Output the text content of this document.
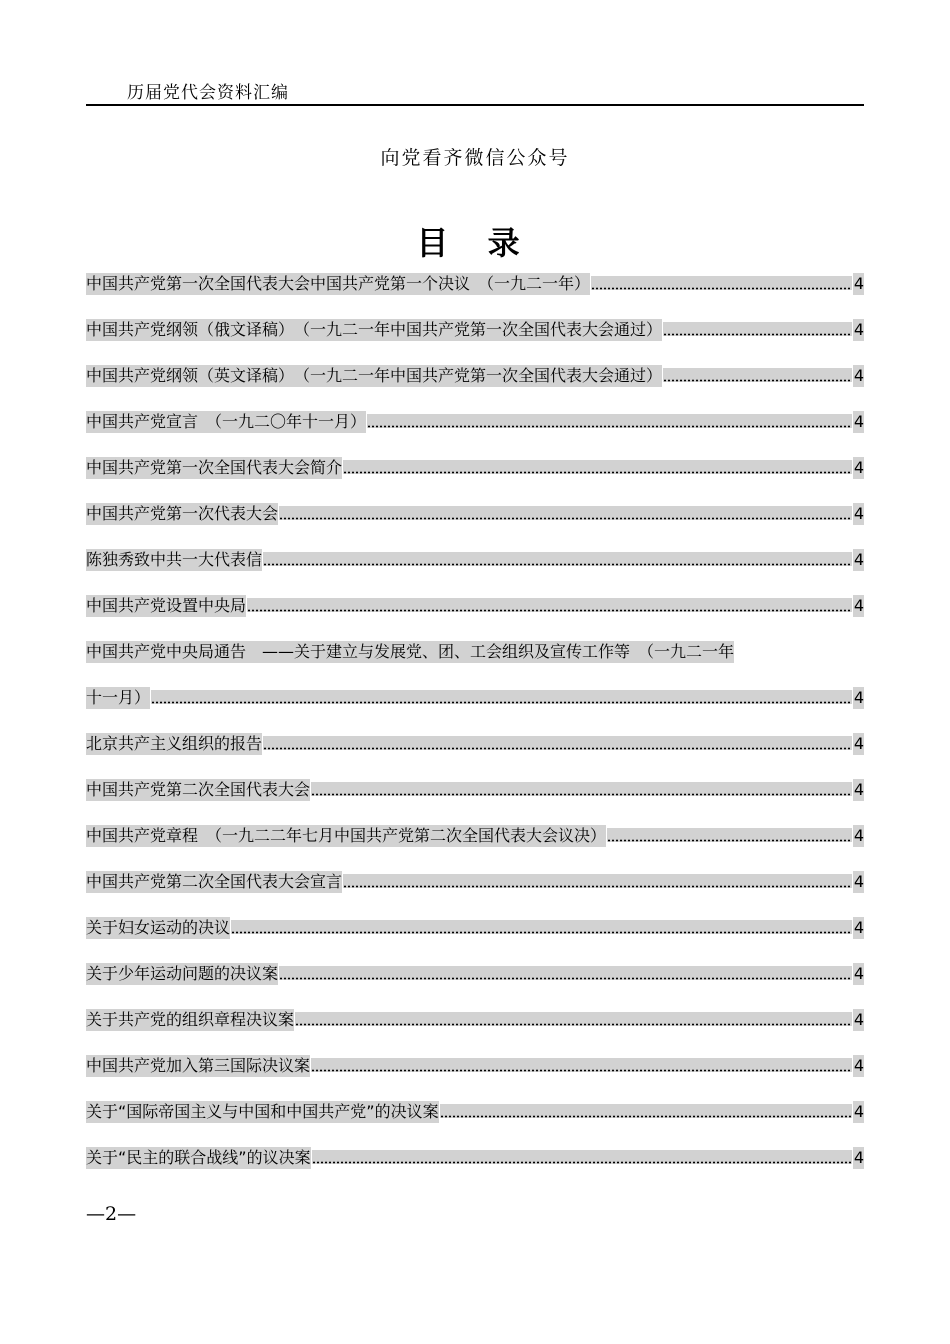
历届党代会资料汇编
向党看齐微信公众号
目 录
中国共产党第一次全国代表大会中国共产党第一个决议　（一九二一年）	4
中国共产党纲领（俄文译稿）　（一九二一年中国共产党第一次全国代表大会通过）	4
中国共产党纲领（英文译稿）　（一九二一年中国共产党第一次全国代表大会通过）	4
中国共产党宣言　（一九二〇年十一月）	4
中国共产党第一次全国代表大会简介	4
中国共产党第一次代表大会	4
陈独秀致中共一大代表信	4
中国共产党设置中央局	4
中国共产党中央局通告　——关于建立与发展党、团、工会组织及宣传工作等　（一九二一年
十一月）	4
北京共产主义组织的报告	4
中国共产党第二次全国代表大会	4
中国共产党章程　（一九二二年七月中国共产党第二次全国代表大会议决）	4
中国共产党第二次全国代表大会宣言	4
关于妇女运动的决议	4
关于少年运动问题的决议案	4
关于共产党的组织章程决议案	4
中国共产党加入第三国际决议案	4
关于“国际帝国主义与中国和中国共产党”的决议案	4
关于“民主的联合战线”的议决案	4
—2—
